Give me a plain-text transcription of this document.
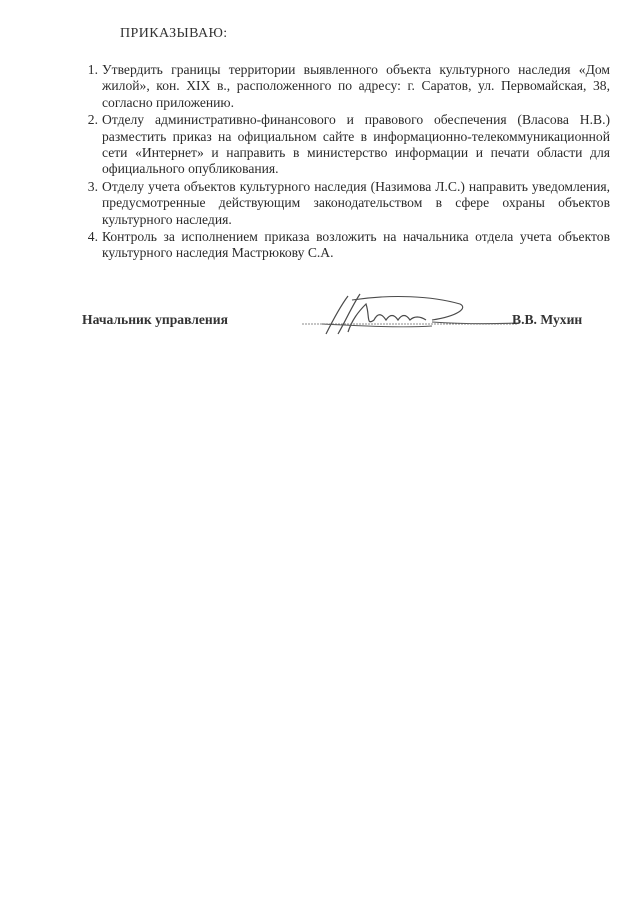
ПРИКАЗЫВАЮ:
1. Утвердить границы территории выявленного объекта культурного наследия «Дом жилой», кон. XIX в., расположенного по адресу: г. Саратов, ул. Первомайская, 38, согласно приложению.
2. Отделу административно-финансового и правового обеспечения (Власова Н.В.) разместить приказ на официальном сайте в информационно-телекоммуникационной сети «Интернет» и направить в министерство информации и печати области для официального опубликования.
3. Отделу учета объектов культурного наследия (Назимова Л.С.) направить уведомления, предусмотренные действующим законодательством в сфере охраны объектов культурного наследия.
4. Контроль за исполнением приказа возложить на начальника отдела учета объектов культурного наследия Мастрюкову С.А.
Начальник управления	В.В. Мухин
